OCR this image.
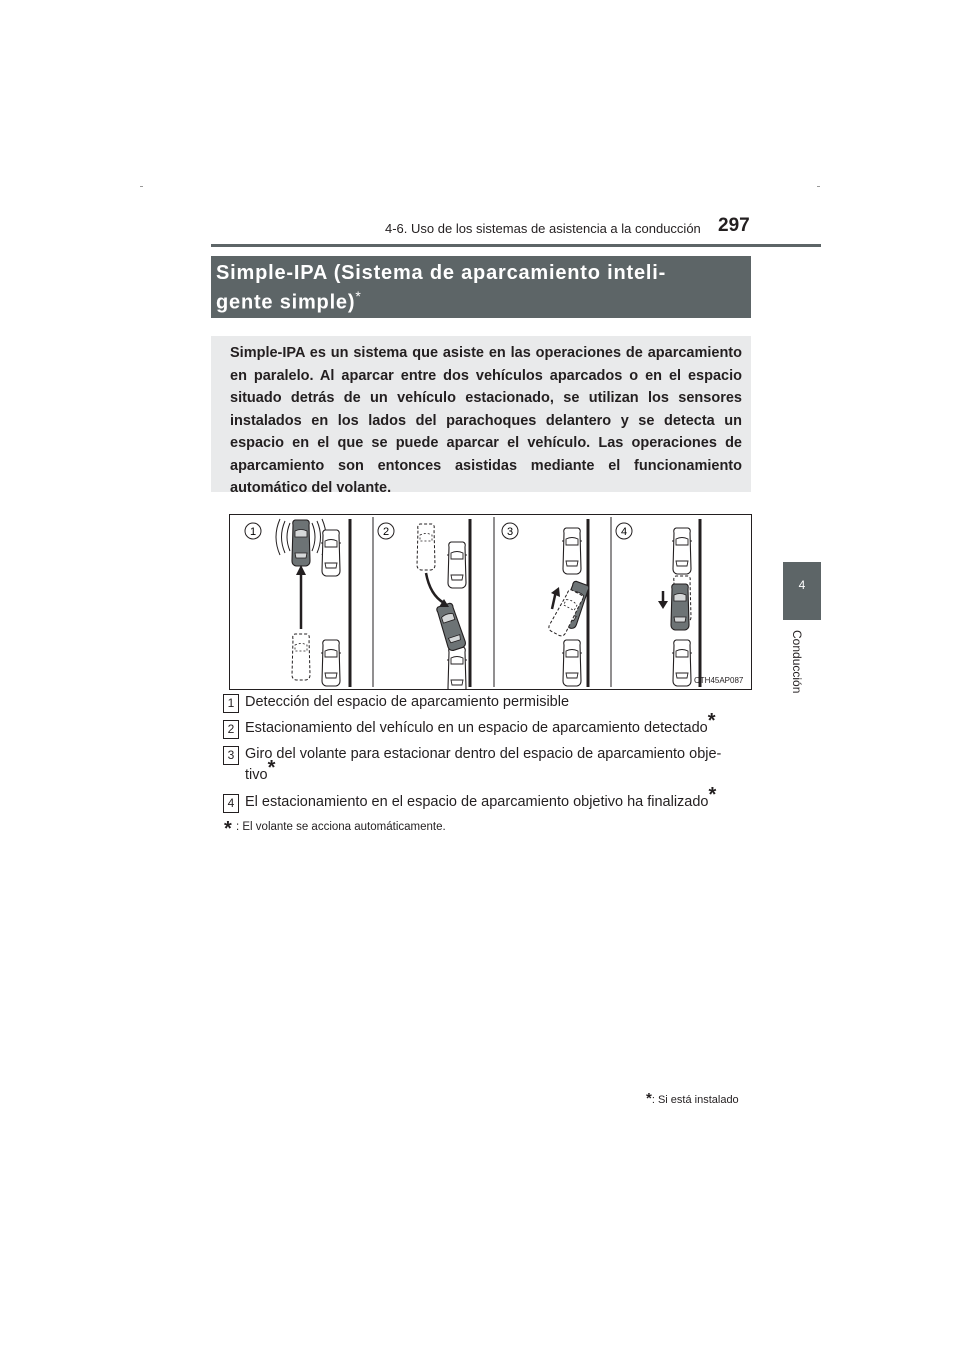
4-6. Uso de los sistemas de asistencia a la conducción 297
4
Conducción
Simple-IPA (Sistema de aparcamiento inteli-
gente simple)*
Simple-IPA es un sistema que asiste en las operaciones de aparcamiento en paralelo. Al aparcar entre dos vehículos aparcados o en el espacio situado detrás de un vehículo estacionado, se utilizan los sensores instalados en los lados del parachoques delantero y se detecta un espacio en el que se puede aparcar el vehículo. Las operaciones de aparcamiento son entonces asistidas mediante el funcionamiento automático del volante.
1	2	3	4
CTH45AP087
1 Detección del espacio de aparcamiento permisible
2 Estacionamiento del vehículo en un espacio de aparcamiento detectado*
3 Giro del volante para estacionar dentro del espacio de aparcamiento obje-
tivo*
4 El estacionamiento en el espacio de aparcamiento objetivo ha finalizado*
* : El volante se acciona automáticamente.
*: Si está instalado
